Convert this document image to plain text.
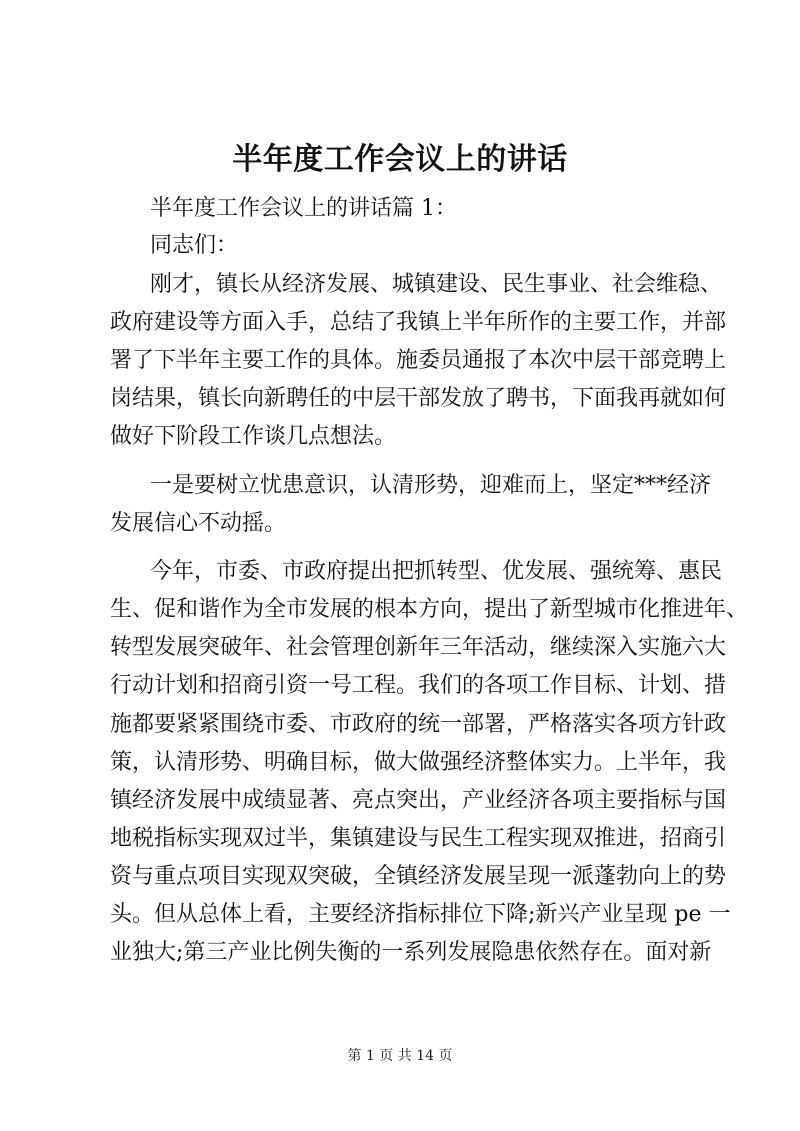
半年度工作会议上的讲话

半年度工作会议上的讲话篇 1：

同志们：

刚才，镇长从经济发展、城镇建设、民生事业、社会维稳、

政府建设等方面入手，总结了我镇上半年所作的主要工作，并部

署了下半年主要工作的具体。施委员通报了本次中层干部竞聘上

岗结果，镇长向新聘任的中层干部发放了聘书，下面我再就如何

做好下阶段工作谈几点想法。

一是要树立忧患意识，认清形势，迎难而上，坚定***经济

发展信心不动摇。

今年，市委、市政府提出把抓转型、优发展、强统筹、惠民

生、促和谐作为全市发展的根本方向，提出了新型城市化推进年、

转型发展突破年、社会管理创新年三年活动，继续深入实施六大

行动计划和招商引资一号工程。我们的各项工作目标、计划、措

施都要紧紧围绕市委、市政府的统一部署，严格落实各项方针政

策，认清形势、明确目标，做大做强经济整体实力。上半年，我

镇经济发展中成绩显著、亮点突出，产业经济各项主要指标与国

地税指标实现双过半，集镇建设与民生工程实现双推进，招商引

资与重点项目实现双突破，全镇经济发展呈现一派蓬勃向上的势

头。但从总体上看，主要经济指标排位下降;新兴产业呈现 pe 一

业独大;第三产业比例失衡的一系列发展隐患依然存在。面对新

第 1 页 共 14 页
